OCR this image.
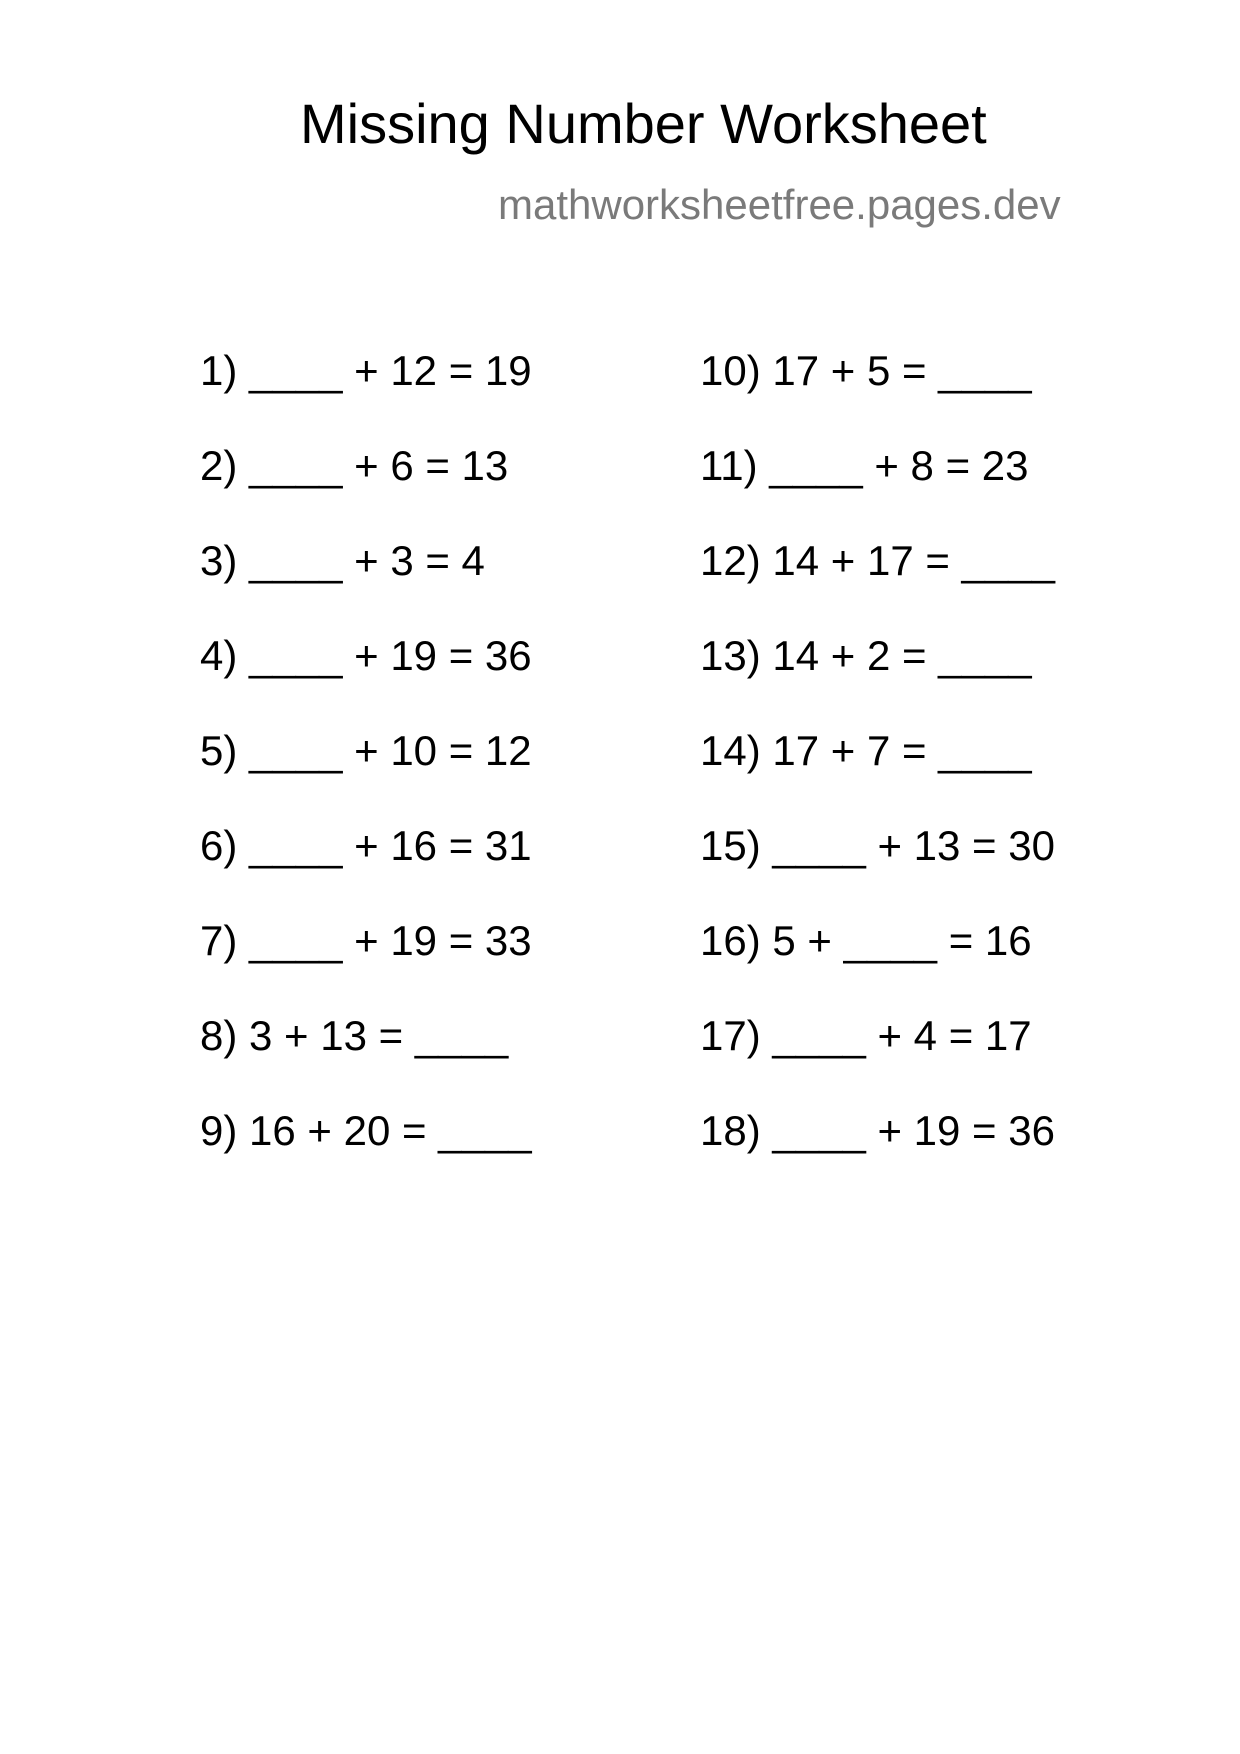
Missing Number Worksheet
mathworksheetfree.pages.dev
1) ____ + 12 = 19
2) ____ + 6 = 13
3) ____ + 3 = 4
4) ____ + 19 = 36
5) ____ + 10 = 12
6) ____ + 16 = 31
7) ____ + 19 = 33
8) 3 + 13 = ____
9) 16 + 20 = ____
10) 17 + 5 = ____
11) ____ + 8 = 23
12) 14 + 17 = ____
13) 14 + 2 = ____
14) 17 + 7 = ____
15) ____ + 13 = 30
16) 5 + ____ = 16
17) ____ + 4 = 17
18) ____ + 19 = 36
